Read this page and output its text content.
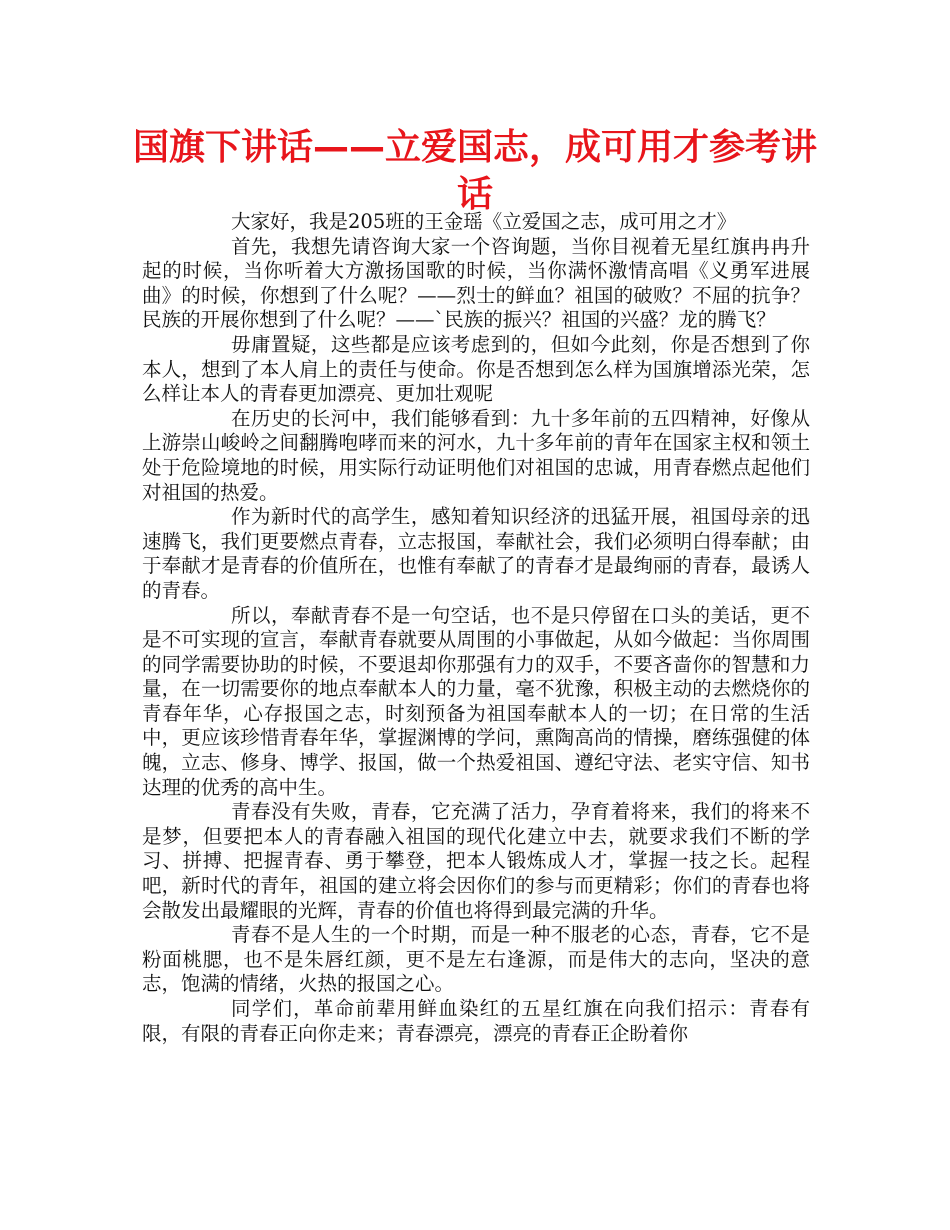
国旗下讲话——立爱国志，成可用才参考讲话

大家好，我是205班的王金瑶《立爱国之志，成可用之才》

首先，我想先请咨询大家一个咨询题，当你目视着无星红旗冉冉升起的时候，当你听着大方激扬国歌的时候，当你满怀激情高唱《义勇军进展曲》的时候，你想到了什么呢？——烈士的鲜血？祖国的破败？不屈的抗争？民族的开展你想到了什么呢？——`民族的振兴？祖国的兴盛？龙的腾飞？

毋庸置疑，这些都是应该考虑到的，但如今此刻，你是否想到了你本人，想到了本人肩上的责任与使命。你是否想到怎么样为国旗增添光荣，怎么样让本人的青春更加漂亮、更加壮观呢

在历史的长河中，我们能够看到：九十多年前的五四精神，好像从上游崇山峻岭之间翻腾咆哮而来的河水，九十多年前的青年在国家主权和领土处于危险境地的时候，用实际行动证明他们对祖国的忠诚，用青春燃点起他们对祖国的热爱。

作为新时代的高学生，感知着知识经济的迅猛开展，祖国母亲的迅速腾飞，我们更要燃点青春，立志报国，奉献社会，我们必须明白得奉献；由于奉献才是青春的价值所在，也惟有奉献了的青春才是最绚丽的青春，最诱人的青春。

所以，奉献青春不是一句空话，也不是只停留在口头的美话，更不是不可实现的宣言，奉献青春就要从周围的小事做起，从如今做起：当你周围的同学需要协助的时候，不要退却你那强有力的双手，不要吝啬你的智慧和力量，在一切需要你的地点奉献本人的力量，毫不犹豫，积极主动的去燃烧你的青春年华，心存报国之志，时刻预备为祖国奉献本人的一切；在日常的生活中，更应该珍惜青春年华，掌握渊博的学问，熏陶高尚的情操，磨练强健的体魄，立志、修身、博学、报国，做一个热爱祖国、遵纪守法、老实守信、知书达理的优秀的高中生。

青春没有失败，青春，它充满了活力，孕育着将来，我们的将来不是梦，但要把本人的青春融入祖国的现代化建立中去，就要求我们不断的学习、拼搏、把握青春、勇于攀登，把本人锻炼成人才，掌握一技之长。起程吧，新时代的青年，祖国的建立将会因你们的参与而更精彩；你们的青春也将会散发出最耀眼的光辉，青春的价值也将得到最完满的升华。

青春不是人生的一个时期，而是一种不服老的心态，青春，它不是粉面桃腮，也不是朱唇红颜，更不是左右逢源，而是伟大的志向，坚决的意志，饱满的情绪，火热的报国之心。

同学们，革命前辈用鲜血染红的五星红旗在向我们招示：青春有限，有限的青春正向你走来；青春漂亮，漂亮的青春正企盼着你
